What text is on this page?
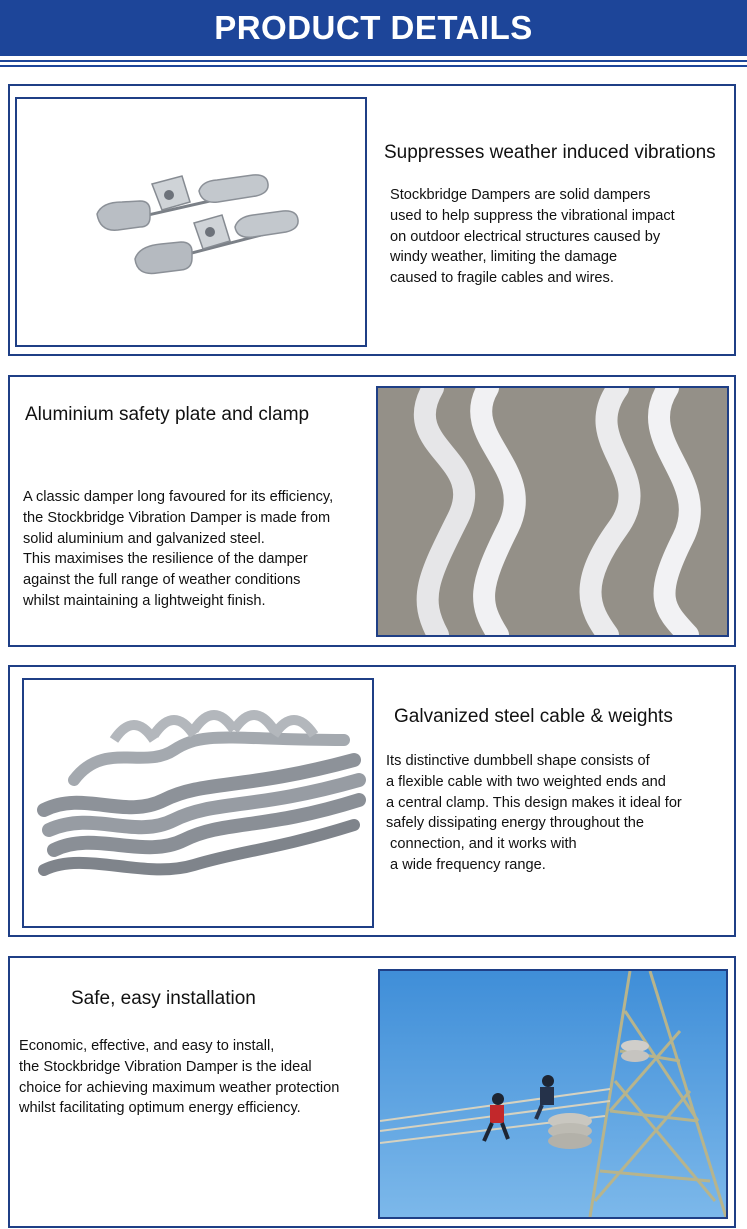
PRODUCT DETAILS
Suppresses weather induced vibrations
Stockbridge Dampers are solid dampers
used to help suppress the vibrational impact
on outdoor electrical structures caused by
windy weather, limiting the damage
caused to fragile cables and wires.
Aluminium safety plate and clamp
A classic damper long favoured for its efficiency,
the Stockbridge Vibration Damper is made from
solid aluminium and galvanized steel.
This maximises the resilience of the damper
against the full range of weather conditions
whilst maintaining a lightweight finish.
Galvanized steel cable & weights
Its distinctive dumbbell shape consists of
a flexible cable with two weighted ends and
a central clamp. This design makes it ideal for
safely dissipating energy throughout the
connection, and it works with
a wide frequency range.
Safe, easy installation
Economic, effective, and easy to install,
the Stockbridge Vibration Damper is the ideal
choice for achieving maximum weather protection
whilst facilitating optimum energy efficiency.
